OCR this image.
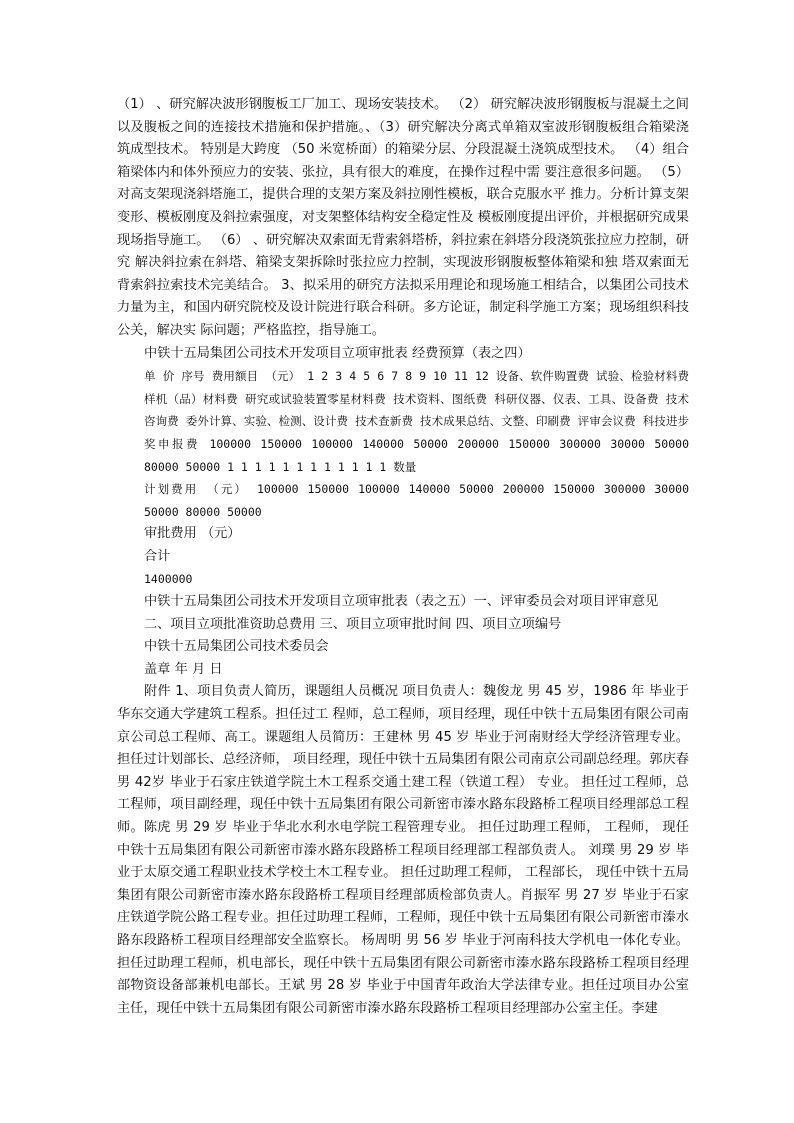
（1） 、研究解决波形钢腹板工厂加工、现场安装技术。 （2） 研究解决波形钢腹板与混凝土之间以及腹板之间的连接技术措施和保护措施。、（3）研究解决分离式单箱双室波形钢腹板组合箱梁浇筑成型技术。 特别是大跨度 （50 米宽桥面）的箱梁分层、分段混凝土浇筑成型技术。 （4）组合箱梁体内和体外预应力的安装、张拉，具有很大的难度，在操作过程中需 要注意很多问题。 （5）对高支架现浇斜塔施工，提供合理的支架方案及斜拉刚性模板，联合克服水平 推力。分析计算支架变形、模板刚度及斜拉索强度，对支架整体结构安全稳定性及 模板刚度提出评价，并根据研究成果现场指导施工。 （6） 、研究解决双索面无背索斜塔桥，斜拉索在斜塔分段浇筑张拉应力控制，研究 解决斜拉索在斜塔、箱梁支架拆除时张拉应力控制，实现波形钢腹板整体箱梁和独 塔双索面无背索斜拉索技术完美结合。 3、拟采用的研究方法拟采用理论和现场施工相结合，以集团公司技术力量为主，和国内研究院校及设计院进行联合科研。多方论证，制定科学施工方案；现场组织科技公关，解决实 际问题；严格监控，指导施工。

中铁十五局集团公司技术开发项目立项审批表 经费预算（表之四）

单 价 序号 费用额目 （元） 1 2 3 4 5 6 7 8 9 10 11 12 设备、软件购置费 试验、检验材料费 样机（品）材料费 研究或试验装置零星材料费 技术资料、图纸费 科研仪器、仪表、工具、设备费 技术咨询费 委外计算、实验、检测、设计费 技术查新费 技术成果总结、文整、印刷费 评审会议费 科技进步奖申报费 100000 150000 100000 140000 50000 200000 150000 300000 30000 50000 80000 50000 1 1 1 1 1 1 1 1 1 1 1 1 数量

计划费用 （元） 100000 150000 100000 140000 50000 200000 150000 300000 30000 50000 80000 50000

审批费用 （元）

合计

1400000

中铁十五局集团公司技术开发项目立项审批表（表之五）一、评审委员会对项目评审意见

二、项目立项批准资助总费用 三、项目立项审批时间 四、项目立项编号

中铁十五局集团公司技术委员会

盖章 年 月 日

附件 1、项目负责人简历，课题组人员概况 项目负责人：魏俊龙 男 45 岁，1986 年 毕业于华东交通大学建筑工程系。担任过工 程师，总工程师，项目经理，现任中铁十五局集团有限公司南京公司总工程师、高工。课题组人员简历：王建林 男 45 岁 毕业于河南财经大学经济管理专业。担任过计划部长、总经济师， 项目经理，现任中铁十五局集团有限公司南京公司副总经理。郭庆春 男 42岁 毕业于石家庄铁道学院土木工程系交通土建工程（铁道工程） 专业。 担任过工程师，总工程师，项目副经理，现任中铁十五局集团有限公司新密市溱水路东段路桥工程项目经理部总工程师。陈虎 男 29 岁 毕业于华北水利水电学院工程管理专业。 担任过助理工程师， 工程师， 现任中铁十五局集团有限公司新密市溱水路东段路桥工程项目经理部工程部负责人。 刘璞 男 29 岁 毕业于太原交通工程职业技术学校土木工程专业。 担任过助理工程师， 工程部长， 现任中铁十五局集团有限公司新密市溱水路东段路桥工程项目经理部质检部负责人。肖振军 男 27 岁 毕业于石家庄铁道学院公路工程专业。担任过助理工程师，工程师，现任中铁十五局集团有限公司新密市溱水路东段路桥工程项目经理部安全监察长。 杨周明 男 56 岁 毕业于河南科技大学机电一体化专业。担任过助理工程师，机电部长，现任中铁十五局集团有限公司新密市溱水路东段路桥工程项目经理部物资设备部兼机电部长。王斌 男 28 岁 毕业于中国青年政治大学法律专业。担任过项目办公室主任，现任中铁十五局集团有限公司新密市溱水路东段路桥工程项目经理部办公室主任。李建
